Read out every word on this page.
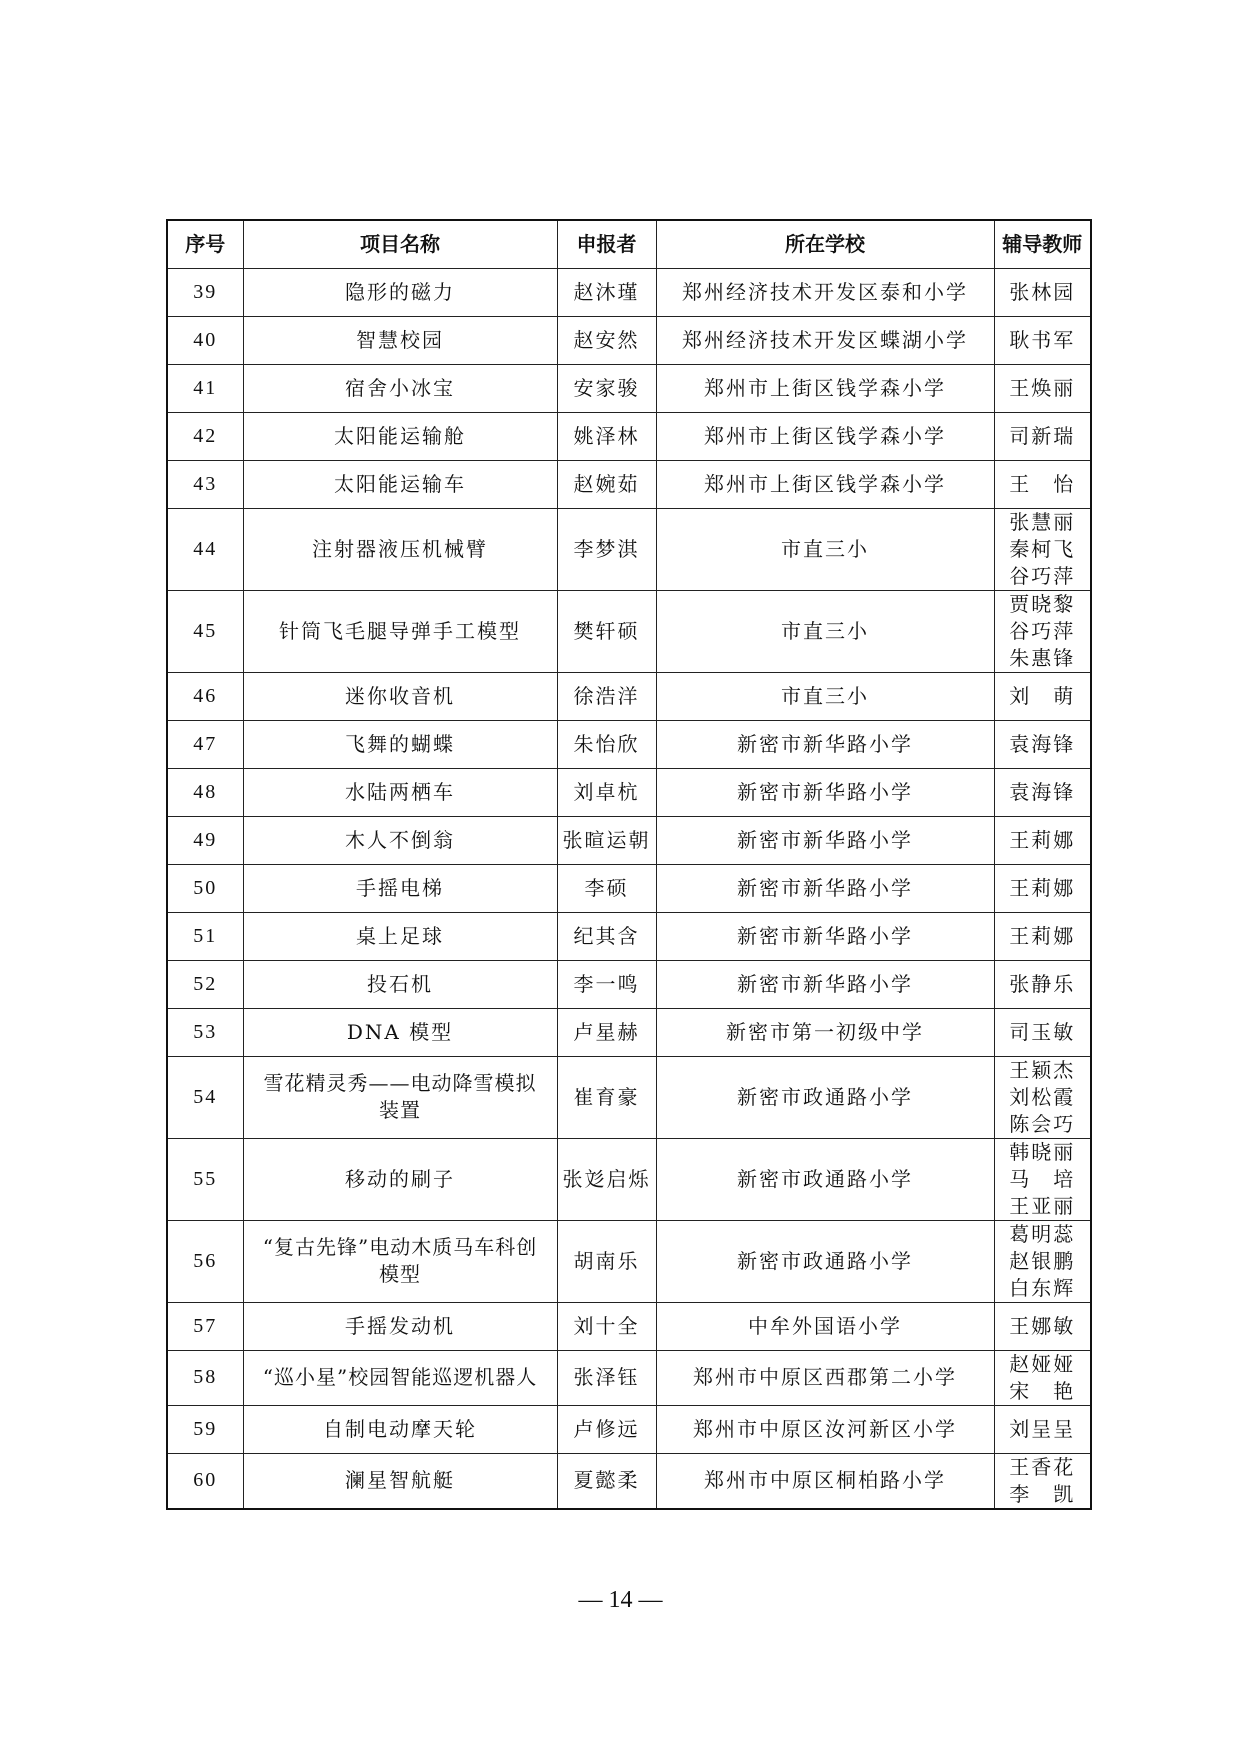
序号	项目名称	申报者	所在学校	辅导教师
39	隐形的磁力	赵沐瑾	郑州经济技术开发区泰和小学	张林园

40	智慧校园	赵安然	郑州经济技术开发区蝶湖小学	耿书军

41	宿舍小冰宝	安家骏	郑州市上街区钱学森小学	王焕丽

42	太阳能运输舱	姚泽林	郑州市上街区钱学森小学	司新瑞

43	太阳能运输车	赵婉茹	郑州市上街区钱学森小学	王　怡

44	注射器液压机械臂	李梦淇	市直三小	张慧丽
秦柯飞
谷巧萍

45	针筒飞毛腿导弹手工模型	樊轩硕	市直三小	贾晓黎
谷巧萍
朱惠锋

46	迷你收音机	徐浩洋	市直三小	刘　萌

47	飞舞的蝴蝶	朱怡欣	新密市新华路小学	袁海锋

48	水陆两栖车	刘卓杭	新密市新华路小学	袁海锋

49	木人不倒翁	张暄运朝	新密市新华路小学	王莉娜

50	手摇电梯	李硕	新密市新华路小学	王莉娜

51	桌上足球	纪其含	新密市新华路小学	王莉娜

52	投石机	李一鸣	新密市新华路小学	张静乐

53	DNA 模型	卢星赫	新密市第一初级中学	司玉敏

54	雪花精灵秀——电动降雪模拟装置	崔育豪	新密市政通路小学	王颖杰
刘松霞
陈会巧

55	移动的刷子	张彣启烁	新密市政通路小学	韩晓丽
马　培
王亚丽

56	“复古先锋”电动木质马车科创模型	胡南乐	新密市政通路小学	葛明蕊
赵银鹏
白东辉

57	手摇发动机	刘十全	中牟外国语小学	王娜敏

58	“巡小星”校园智能巡逻机器人	张泽钰	郑州市中原区西郡第二小学	赵娅娅
宋　艳

59	自制电动摩天轮	卢修远	郑州市中原区汝河新区小学	刘呈呈

60	澜星智航艇	夏懿柔	郑州市中原区桐柏路小学	王香花
李　凯
— 14 —
